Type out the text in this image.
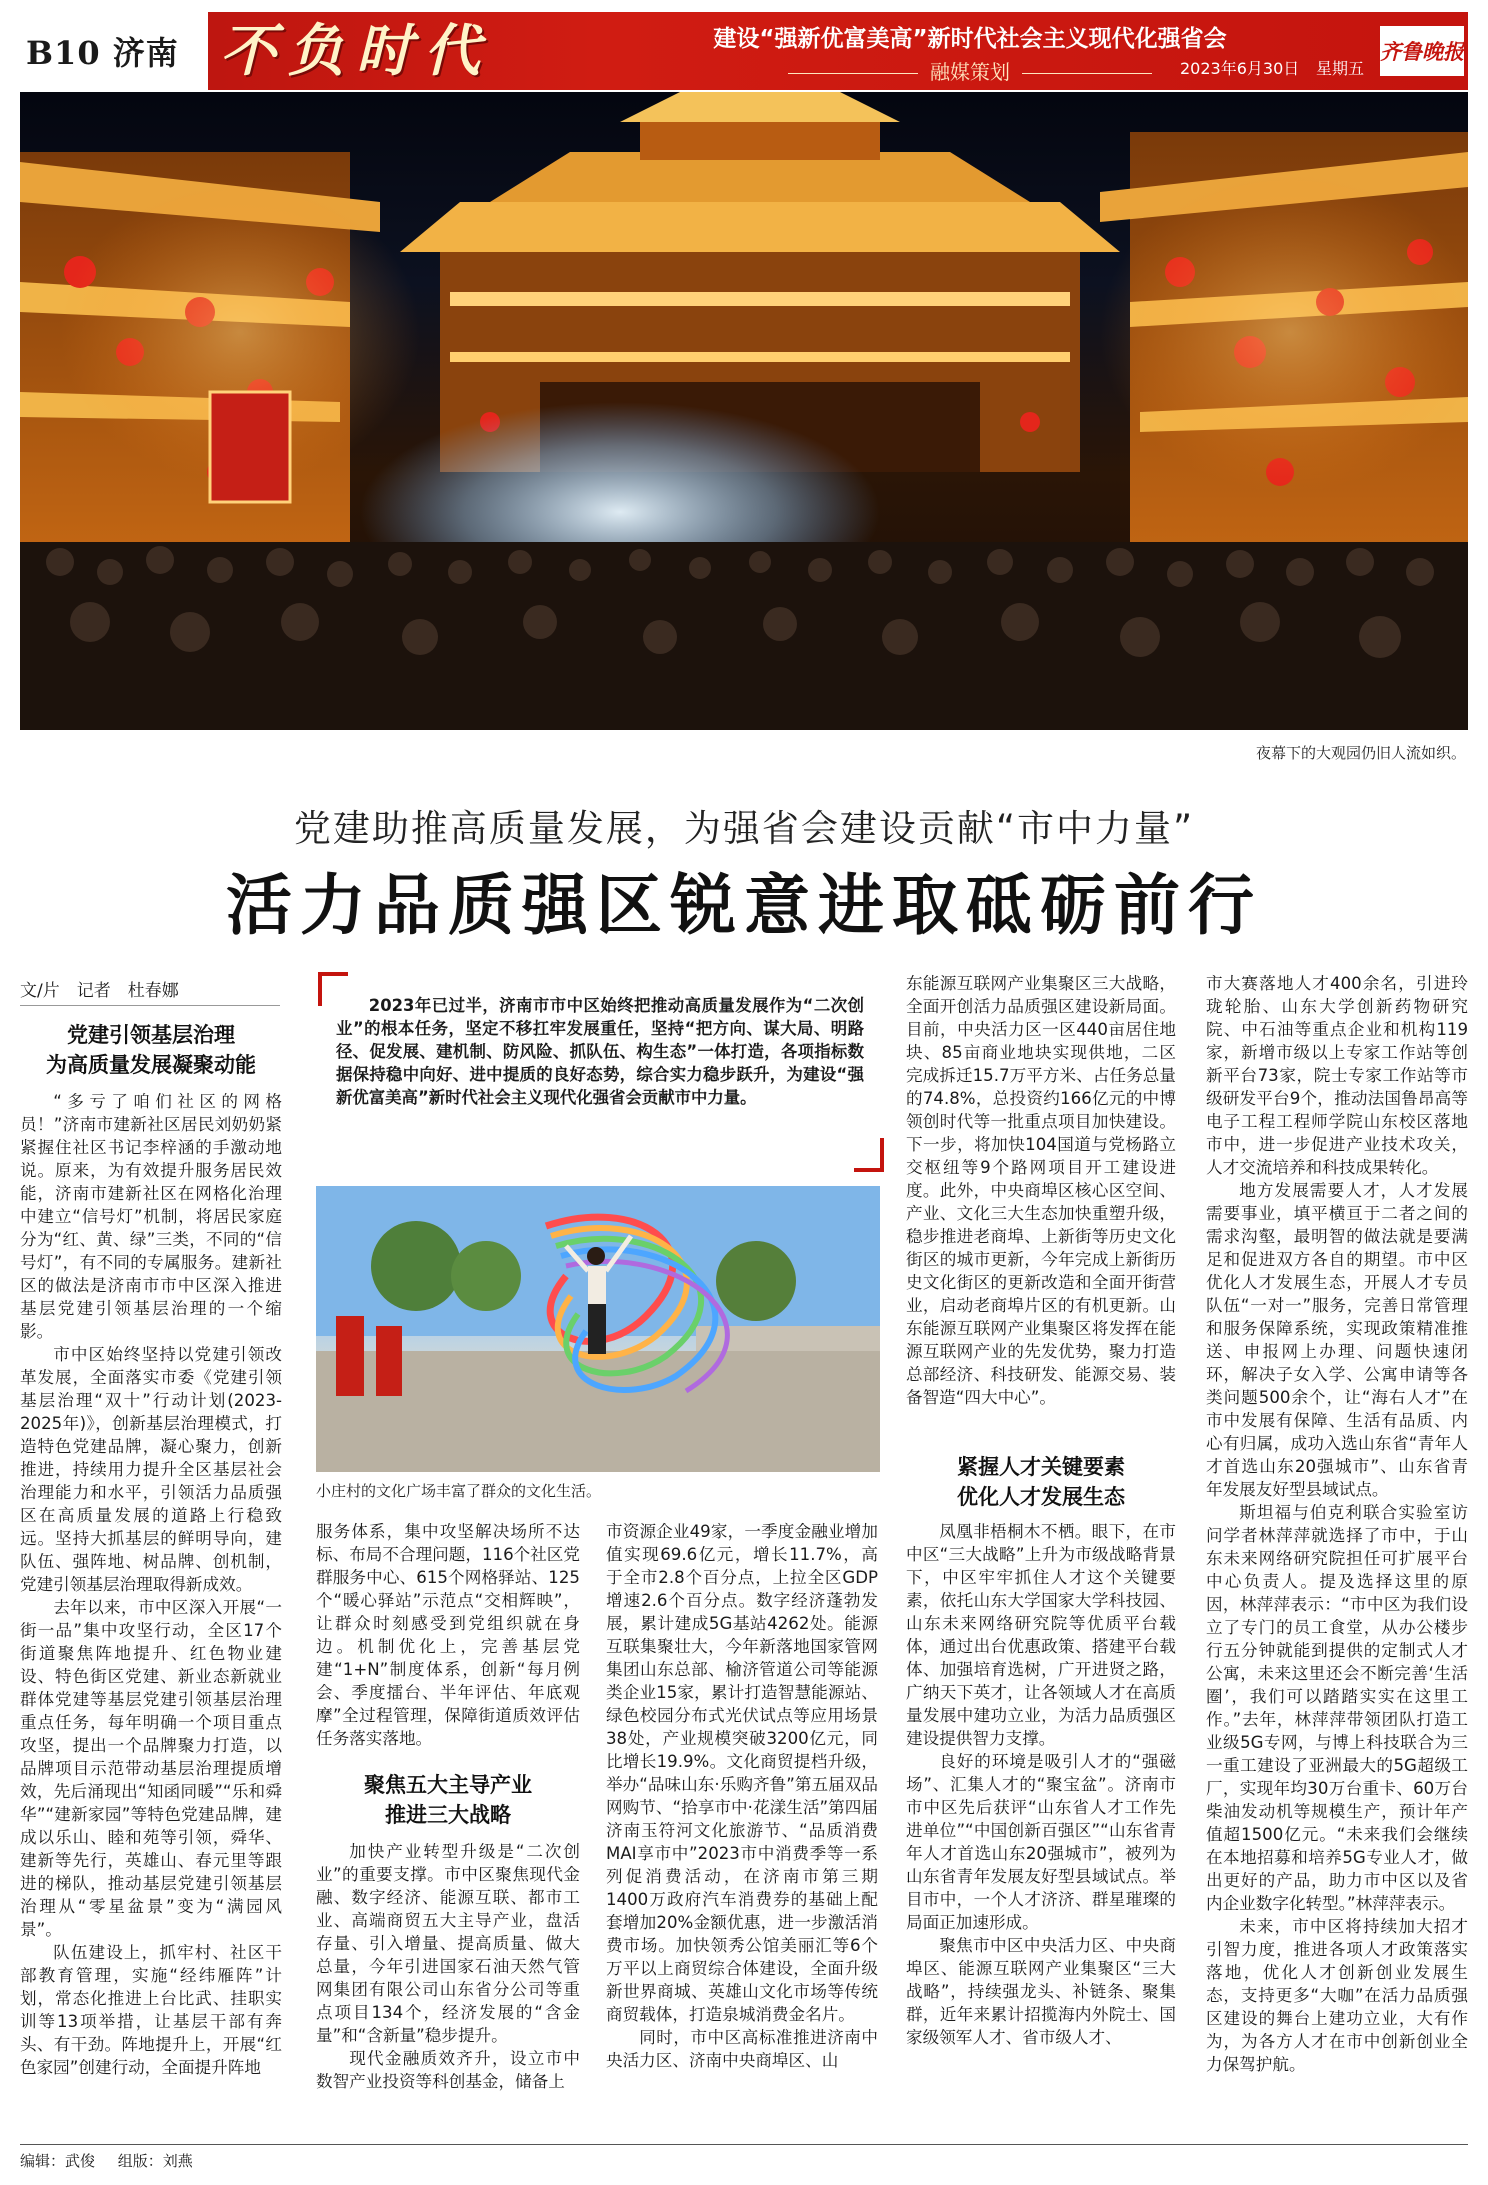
B10 济南 不负时代	建设“强新优富美高”新时代社会主义现代化强省会
融媒策划	2023年6月30日	星期五
齐鲁晚报
夜幕下的大观园仍旧人流如织。
党建助推高质量发展，为强省会建设贡献“市中力量”
活力品质强区锐意进取砥砺前行
文/片　记者　杜春娜
党建引领基层治理
为高质量发展凝聚动能

“多亏了咱们社区的网格员！”济南市建新社区居民刘奶奶紧紧握住社区书记李梓涵的手激动地说。原来，为有效提升服务居民效能，济南市建新社区在网格化治理中建立“信号灯”机制，将居民家庭分为“红、黄、绿”三类，不同的“信号灯”，有不同的专属服务。建新社区的做法是济南市市中区深入推进基层党建引领基层治理的一个缩影。

市中区始终坚持以党建引领改革发展，全面落实市委《党建引领基层治理“双十”行动计划(2023-2025年)》，创新基层治理模式，打造特色党建品牌，凝心聚力，创新推进，持续用力提升全区基层社会治理能力和水平，引领活力品质强区在高质量发展的道路上行稳致远。坚持大抓基层的鲜明导向，建队伍、强阵地、树品牌、创机制，党建引领基层治理取得新成效。

去年以来，市中区深入开展“一街一品”集中攻坚行动，全区17个街道聚焦阵地提升、红色物业建设、特色街区党建、新业态新就业群体党建等基层党建引领基层治理重点任务，每年明确一个项目重点攻坚，提出一个品牌聚力打造，以品牌项目示范带动基层治理提质增效，先后涌现出“知函同暖”“乐和舜华”“建新家园”等特色党建品牌，建成以乐山、睦和苑等引领，舜华、建新等先行，英雄山、春元里等跟进的梯队，推动基层党建引领基层治理从“零星盆景”变为“满园风景”。

队伍建设上，抓牢村、社区干部教育管理，实施“经纬雁阵”计划，常态化推进上台比武、挂职实训等13项举措，让基层干部有奔头、有干劲。阵地提升上，开展“红色家园”创建行动，全面提升阵地

2023年已过半，济南市市中区始终把推动高质量发展作为“二次创业”的根本任务，坚定不移扛牢发展重任，坚持“把方向、谋大局、明路径、促发展、建机制、防风险、抓队伍、构生态”一体打造，各项指标数据保持稳中向好、进中提质的良好态势，综合实力稳步跃升，为建设“强新优富美高”新时代社会主义现代化强省会贡献市中力量。
小庄村的文化广场丰富了群众的文化生活。

服务体系，集中攻坚解决场所不达标、布局不合理问题，116个社区党群服务中心、615个网格驿站、125个“暖心驿站”示范点“交相辉映”，让群众时刻感受到党组织就在身边。机制优化上，完善基层党建“1+N”制度体系，创新“每月例会、季度擂台、半年评估、年底观摩”全过程管理，保障街道质效评估任务落实落地。

聚焦五大主导产业
推进三大战略

加快产业转型升级是“二次创业”的重要支撑。市中区聚焦现代金融、数字经济、能源互联、都市工业、高端商贸五大主导产业，盘活存量、引入增量、提高质量、做大总量，今年引进国家石油天然气管网集团有限公司山东省分公司等重点项目134个，经济发展的“含金量”和“含新量”稳步提升。

现代金融质效齐升，设立市中数智产业投资等科创基金，储备上

市资源企业49家，一季度金融业增加值实现69.6亿元，增长11.7%，高于全市2.8个百分点，上拉全区GDP增速2.6个百分点。数字经济蓬勃发展，累计建成5G基站4262处。能源互联集聚壮大，今年新落地国家管网集团山东总部、榆济管道公司等能源类企业15家，累计打造智慧能源站、绿色校园分布式光伏试点等应用场景38处，产业规模突破3200亿元，同比增长19.9%。文化商贸提档升级，举办“品味山东·乐购齐鲁”第五届双品网购节、“拾享市中·花漾生活”第四届济南玉符河文化旅游节、“品质消费MAI享市中”2023市中消费季等一系列促消费活动，在济南市第三期1400万政府汽车消费券的基础上配套增加20%金额优惠，进一步激活消费市场。加快领秀公馆美丽汇等6个万平以上商贸综合体建设，全面升级新世界商城、英雄山文化市场等传统商贸载体，打造泉城消费金名片。

同时，市中区高标准推进济南中央活力区、济南中央商埠区、山

东能源互联网产业集聚区三大战略，全面开创活力品质强区建设新局面。目前，中央活力区一区440亩居住地块、85亩商业地块实现供地，二区完成拆迁15.7万平方米、占任务总量的74.8%，总投资约166亿元的中博领创时代等一批重点项目加快建设。下一步，将加快104国道与党杨路立交枢纽等9个路网项目开工建设进度。此外，中央商埠区核心区空间、产业、文化三大生态加快重塑升级，稳步推进老商埠、上新街等历史文化街区的城市更新，今年完成上新街历史文化街区的更新改造和全面开街营业，启动老商埠片区的有机更新。山东能源互联网产业集聚区将发挥在能源互联网产业的先发优势，聚力打造总部经济、科技研发、能源交易、装备智造“四大中心”。

紧握人才关键要素
优化人才发展生态

凤凰非梧桐木不栖。眼下，在市中区“三大战略”上升为市级战略背景下，中区牢牢抓住人才这个关键要素，依托山东大学国家大学科技园、山东未来网络研究院等优质平台载体，通过出台优惠政策、搭建平台载体、加强培育选树，广开进贤之路，广纳天下英才，让各领域人才在高质量发展中建功立业，为活力品质强区建设提供智力支撑。

良好的环境是吸引人才的“强磁场”、汇集人才的“聚宝盆”。济南市市中区先后获评“山东省人才工作先进单位”“中国创新百强区”“山东省青年人才首选山东20强城市”，被列为山东省青年发展友好型县域试点。举目市中，一个人才济济、群星璀璨的局面正加速形成。

聚焦市中区中央活力区、中央商埠区、能源互联网产业集聚区“三大战略”，持续强龙头、补链条、聚集群，近年来累计招揽海内外院士、国家级领军人才、省市级人才、

市大赛落地人才400余名，引进玲珑轮胎、山东大学创新药物研究院、中石油等重点企业和机构119家，新增市级以上专家工作站等创新平台73家，院士专家工作站等市级研发平台9个，推动法国鲁昂高等电子工程工程师学院山东校区落地市中，进一步促进产业技术攻关，人才交流培养和科技成果转化。

地方发展需要人才，人才发展需要事业，填平横亘于二者之间的需求沟壑，最明智的做法就是要满足和促进双方各自的期望。市中区优化人才发展生态，开展人才专员队伍“一对一”服务，完善日常管理和服务保障系统，实现政策精准推送、申报网上办理、问题快速闭环，解决子女入学、公寓申请等各类问题500余个，让“海右人才”在市中发展有保障、生活有品质、内心有归属，成功入选山东省“青年人才首选山东20强城市”、山东省青年发展友好型县域试点。

斯坦福与伯克利联合实验室访问学者林萍萍就选择了市中，于山东未来网络研究院担任可扩展平台中心负责人。提及选择这里的原因，林萍萍表示：“市中区为我们设立了专门的员工食堂，从办公楼步行五分钟就能到提供的定制式人才公寓，未来这里还会不断完善‘生活圈’，我们可以踏踏实实在这里工作。”去年，林萍萍带领团队打造工业级5G专网，与博上科技联合为三一重工建设了亚洲最大的5G超级工厂，实现年均30万台重卡、60万台柴油发动机等规模生产，预计年产值超1500亿元。“未来我们会继续在本地招募和培养5G专业人才，做出更好的产品，助力市中区以及省内企业数字化转型。”林萍萍表示。

未来，市中区将持续加大招才引智力度，推进各项人才政策落实落地，优化人才创新创业发展生态，支持更多“大咖”在活力品质强区建设的舞台上建功立业，大有作为，为各方人才在市中创新创业全力保驾护航。

编辑：武俊 组版：刘燕
